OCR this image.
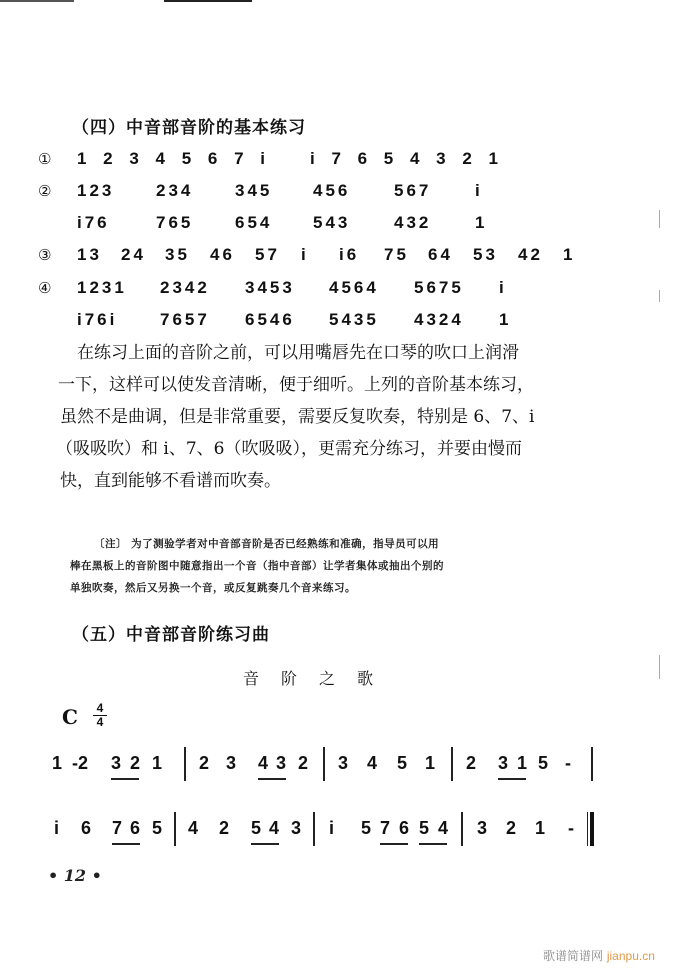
（四）中音部音阶的基本练习
① 1 2 3 4 5 6 7 i i 7 6 5 4 3 2 1
② 123 234 345 456	567	i
i76	765 654 543	432	1
③ 13 24 35 46 57 i i6 75 64 53 42 1
④ 1231 2342 3453 4564 5675 i
i76i	7657 6546 5435 4324 1

在练习上面的音阶之前，可以用嘴唇先在口琴的吹口上润滑

一下，这样可以使发音清晰，便于细听。上列的音阶基本练习，

虽然不是曲调，但是非常重要，需要反复吹奏，特别是 6、7、i

（吸吸吹）和 i、7、6（吹吸吸），更需充分练习，并要由慢而

快，直到能够不看谱而吹奏。

〔注〕 为了测验学者对中音部音阶是否已经熟练和准确，指导员可以用

棒在黑板上的音阶图中随意指出一个音（指中音部）让学者集体或抽出个别的

单独吹奏，然后又另换一个音，或反复跳奏几个音来练习。

（五）中音部音阶练习曲
音阶之歌
C	4
4
1 -2 3 2 1 2 3 4 3 2 3 4 5 1 2 3 1 5 -
i 6 7 6 5 4 2 5 4 3 i 5 7 6 5 4 3 2 1 -
• 12 •
歌谱简谱网 jianpu.cn
